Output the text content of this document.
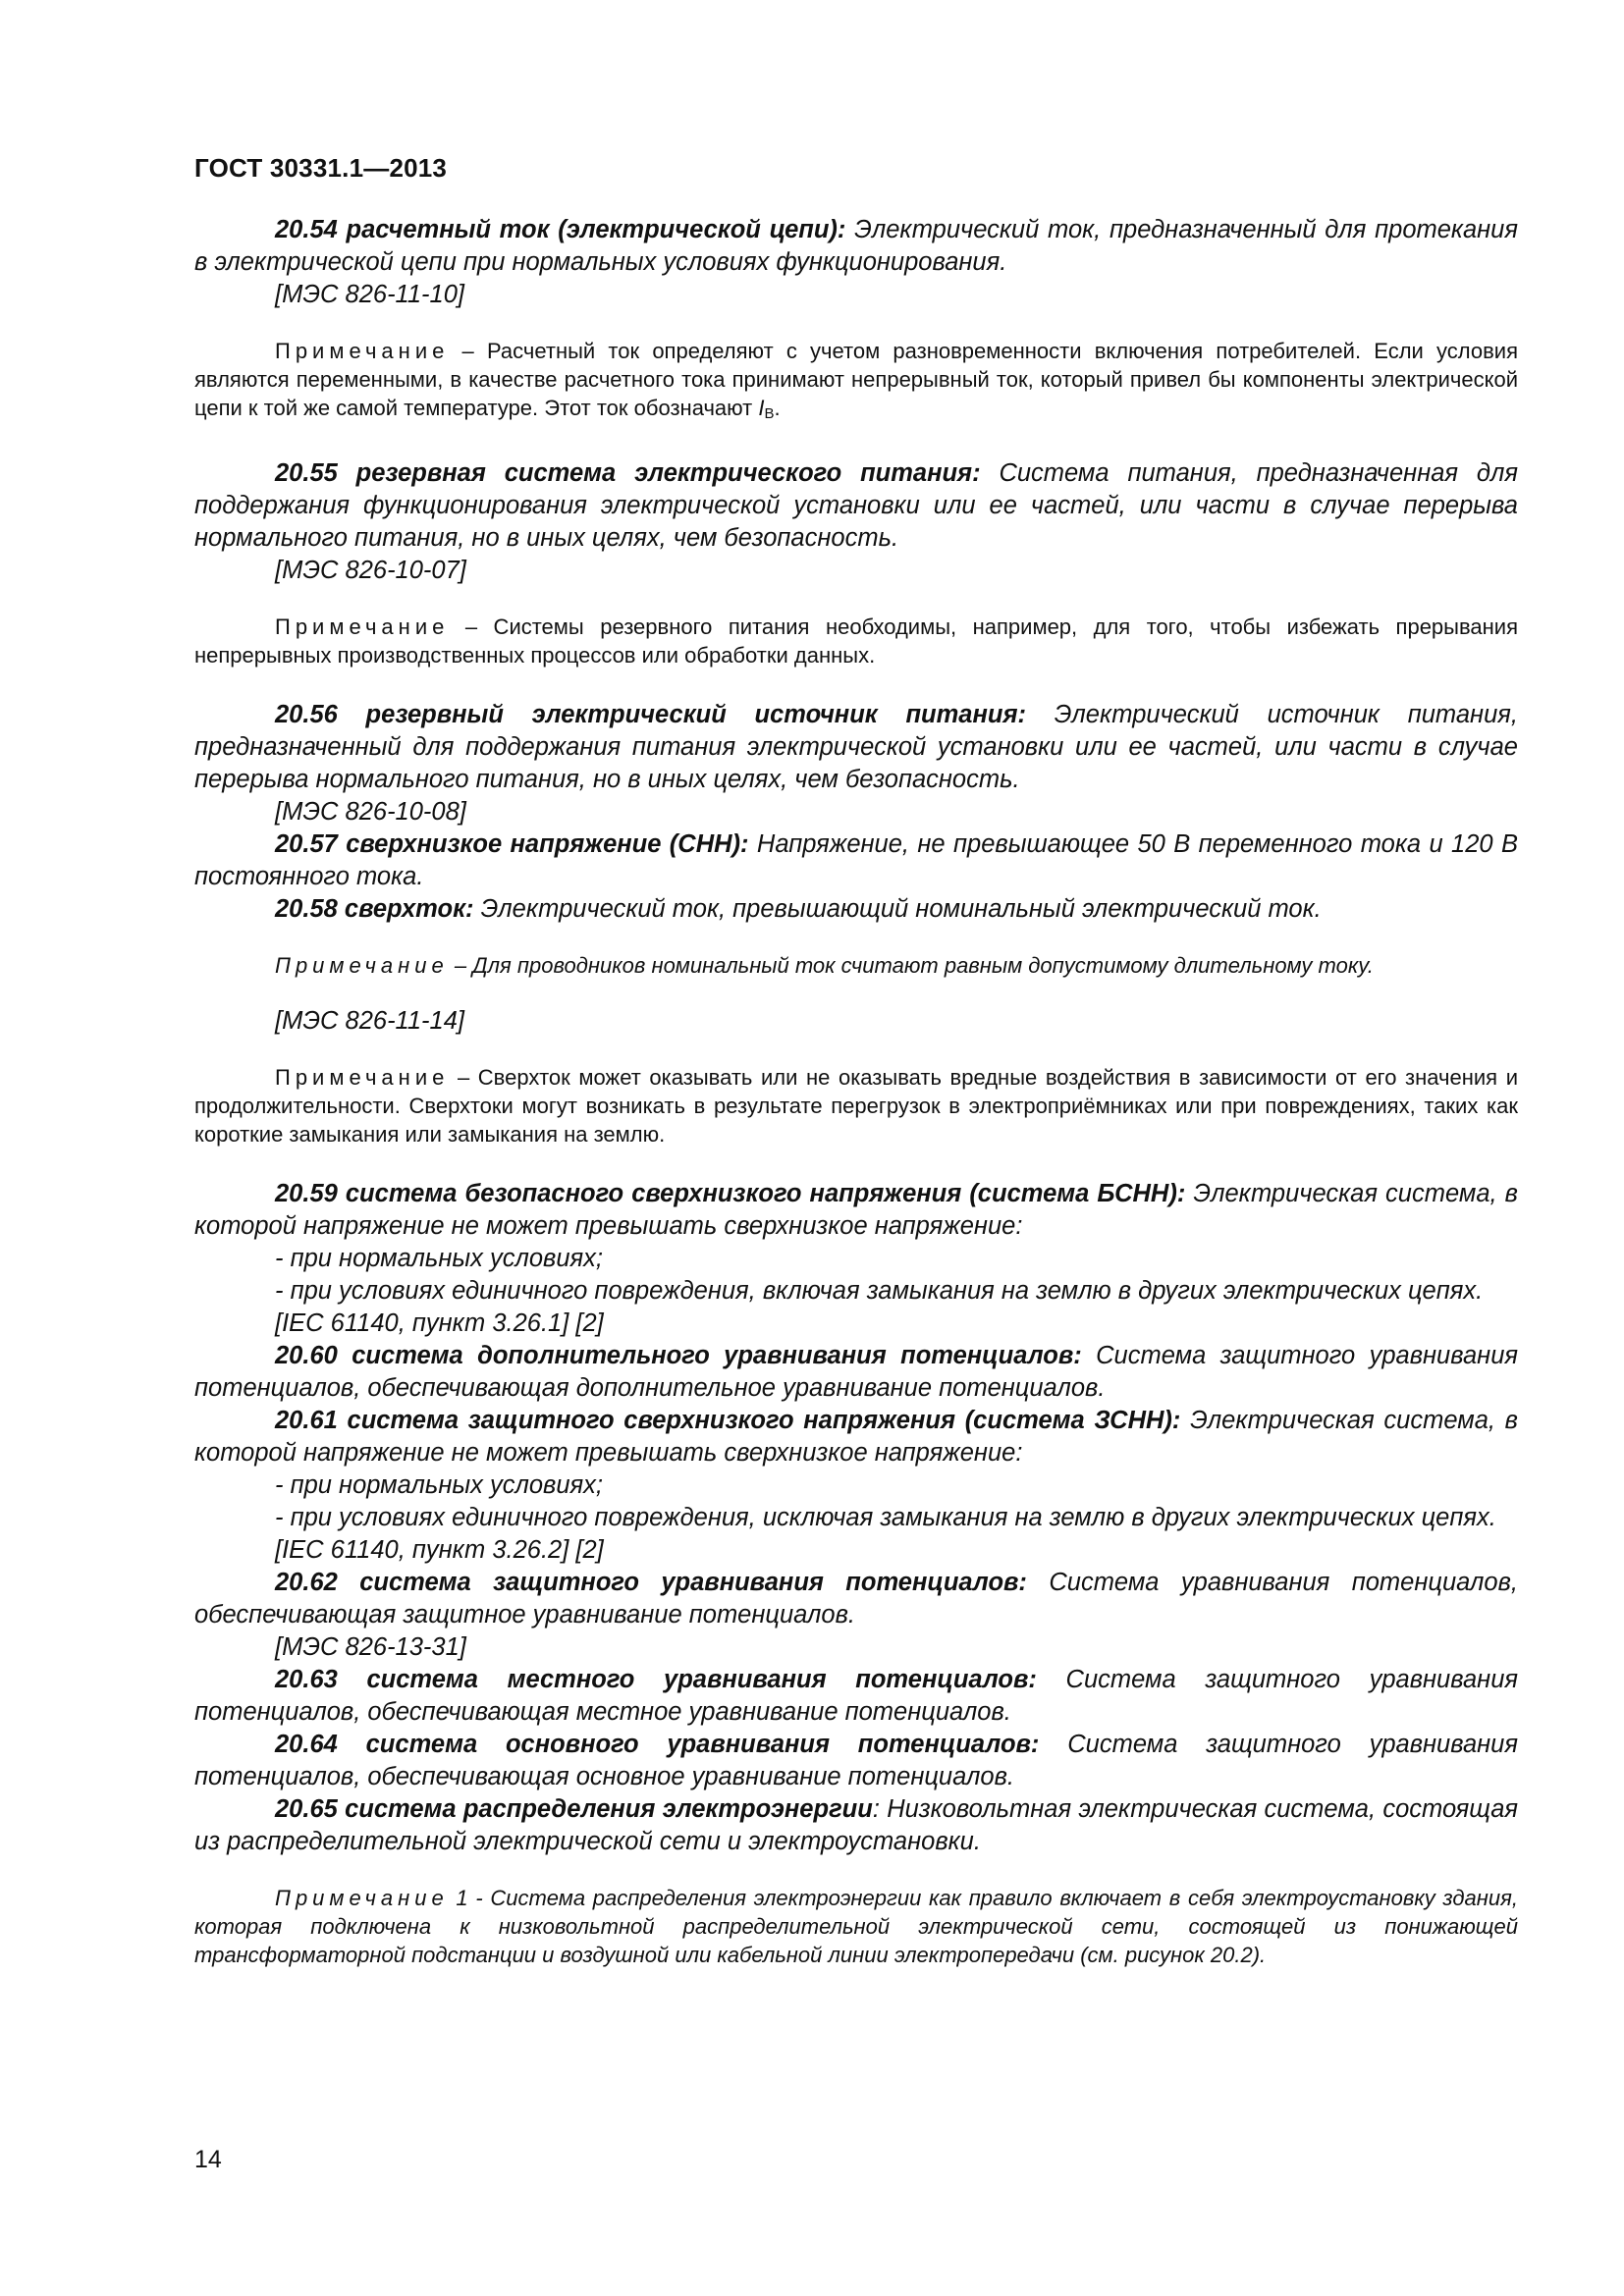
ГОСТ 30331.1—2013

20.54 расчетный ток (электрической цепи): Электрический ток, предназначенный для протекания в электрической цепи при нормальных условиях функционирования.

[МЭС 826-11-10]

Примечание – Расчетный ток определяют с учетом разновременности включения потребителей. Если условия являются переменными, в качестве расчетного тока принимают непрерывный ток, который привел бы компоненты электрической цепи к той же самой температуре. Этот ток обозначают $I_B$.

20.55 резервная система электрического питания: Система питания, предназначенная для поддержания функционирования электрической установки или ее частей, или части в случае перерыва нормального питания, но в иных целях, чем безопасность.

[МЭС 826-10-07]

Примечание – Системы резервного питания необходимы, например, для того, чтобы избежать прерывания непрерывных производственных процессов или обработки данных.

20.56 резервный электрический источник питания: Электрический источник питания, предназначенный для поддержания питания электрической установки или ее частей, или части в случае перерыва нормального питания, но в иных целях, чем безопасность.

[МЭС 826-10-08]

20.57 сверхнизкое напряжение (СНН): Напряжение, не превышающее 50 В переменного тока и 120 В постоянного тока.

20.58 сверхток: Электрический ток, превышающий номинальный электрический ток.

Примечание – Для проводников номинальный ток считают равным допустимому длительному току.

[МЭС 826-11-14]

Примечание – Сверхток может оказывать или не оказывать вредные воздействия в зависимости от его значения и продолжительности. Сверхтоки могут возникать в результате перегрузок в электроприёмниках или при повреждениях, таких как короткие замыкания или замыкания на землю.

20.59 система безопасного сверхнизкого напряжения (система БСНН): Электрическая система, в которой напряжение не может превышать сверхнизкое напряжение:

- при нормальных условиях;

- при условиях единичного повреждения, включая замыкания на землю в других электрических цепях.

[IEC 61140, пункт 3.26.1] [2]

20.60 система дополнительного уравнивания потенциалов: Система защитного уравнивания потенциалов, обеспечивающая дополнительное уравнивание потенциалов.

20.61 система защитного сверхнизкого напряжения (система ЗСНН): Электрическая система, в которой напряжение не может превышать сверхнизкое напряжение:

- при нормальных условиях;

- при условиях единичного повреждения, исключая замыкания на землю в других электрических цепях.

[IEC 61140, пункт 3.26.2] [2]

20.62 система защитного уравнивания потенциалов: Система уравнивания потенциалов, обеспечивающая защитное уравнивание потенциалов.

[МЭС 826-13-31]

20.63 система местного уравнивания потенциалов: Система защитного уравнивания потенциалов, обеспечивающая местное уравнивание потенциалов.

20.64 система основного уравнивания потенциалов: Система защитного уравнивания потенциалов, обеспечивающая основное уравнивание потенциалов.

20.65 система распределения электроэнергии: Низковольтная электрическая система, состоящая из распределительной электрической сети и электроустановки.

Примечание 1 - Система распределения электроэнергии как правило включает в себя электроустановку здания, которая подключена к низковольтной распределительной электрической сети, состоящей из понижающей трансформаторной подстанции и воздушной или кабельной линии электропередачи (см. рисунок 20.2).

14
